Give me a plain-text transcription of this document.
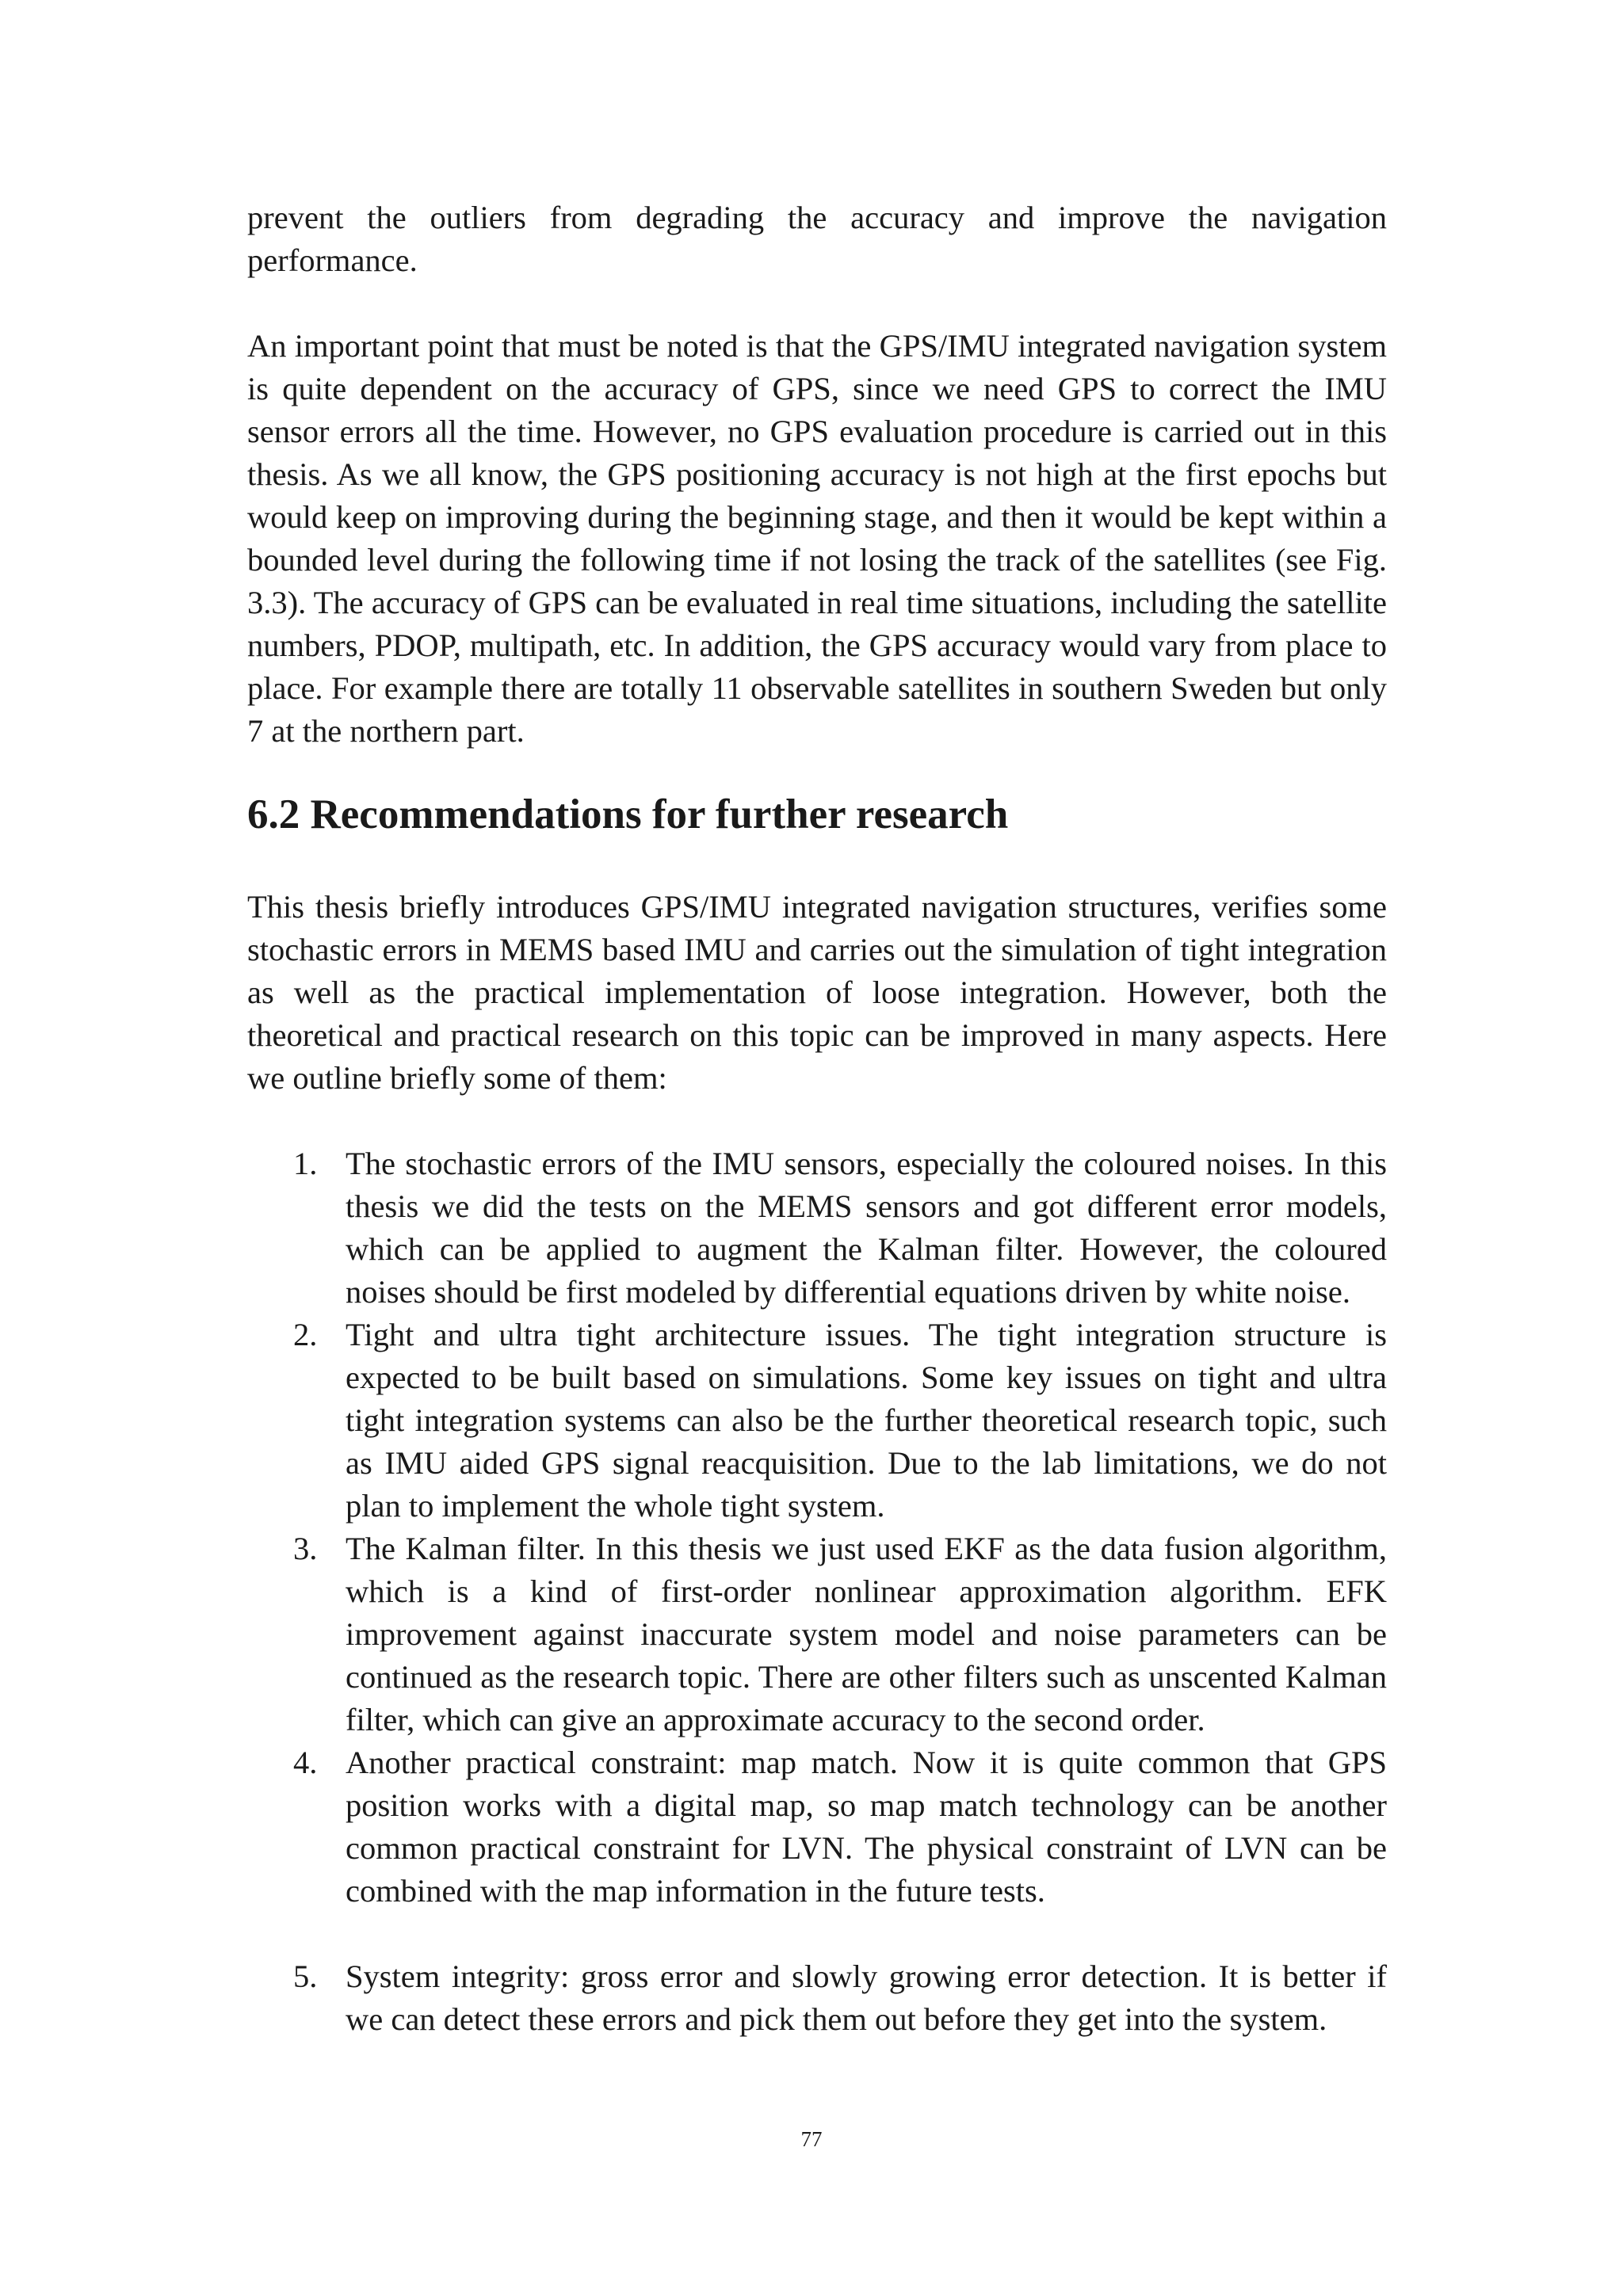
prevent the outliers from degrading the accuracy and improve the navigation performance.

An important point that must be noted is that the GPS/IMU integrated navigation system is quite dependent on the accuracy of GPS, since we need GPS to correct the IMU sensor errors all the time. However, no GPS evaluation procedure is carried out in this thesis. As we all know, the GPS positioning accuracy is not high at the first epochs but would keep on improving during the beginning stage, and then it would be kept within a bounded level during the following time if not losing the track of the satellites (see Fig. 3.3). The accuracy of GPS can be evaluated in real time situations, including the satellite numbers, PDOP, multipath, etc. In addition, the GPS accuracy would vary from place to place. For example there are totally 11 observable satellites in southern Sweden but only 7 at the northern part.

6.2 Recommendations for further research

This thesis briefly introduces GPS/IMU integrated navigation structures, verifies some stochastic errors in MEMS based IMU and carries out the simulation of tight integration as well as the practical implementation of loose integration. However, both the theoretical and practical research on this topic can be improved in many aspects. Here we outline briefly some of them:

1. The stochastic errors of the IMU sensors, especially the coloured noises. In this thesis we did the tests on the MEMS sensors and got different error models, which can be applied to augment the Kalman filter. However, the coloured noises should be first modeled by differential equations driven by white noise.
2. Tight and ultra tight architecture issues. The tight integration structure is expected to be built based on simulations. Some key issues on tight and ultra tight integration systems can also be the further theoretical research topic, such as IMU aided GPS signal reacquisition. Due to the lab limitations, we do not plan to implement the whole tight system.
3. The Kalman filter. In this thesis we just used EKF as the data fusion algorithm, which is a kind of first-order nonlinear approximation algorithm. EFK improvement against inaccurate system model and noise parameters can be continued as the research topic. There are other filters such as unscented Kalman filter, which can give an approximate accuracy to the second order.
4. Another practical constraint: map match. Now it is quite common that GPS position works with a digital map, so map match technology can be another common practical constraint for LVN. The physical constraint of LVN can be combined with the map information in the future tests.
5. System integrity: gross error and slowly growing error detection. It is better if we can detect these errors and pick them out before they get into the system.
77
